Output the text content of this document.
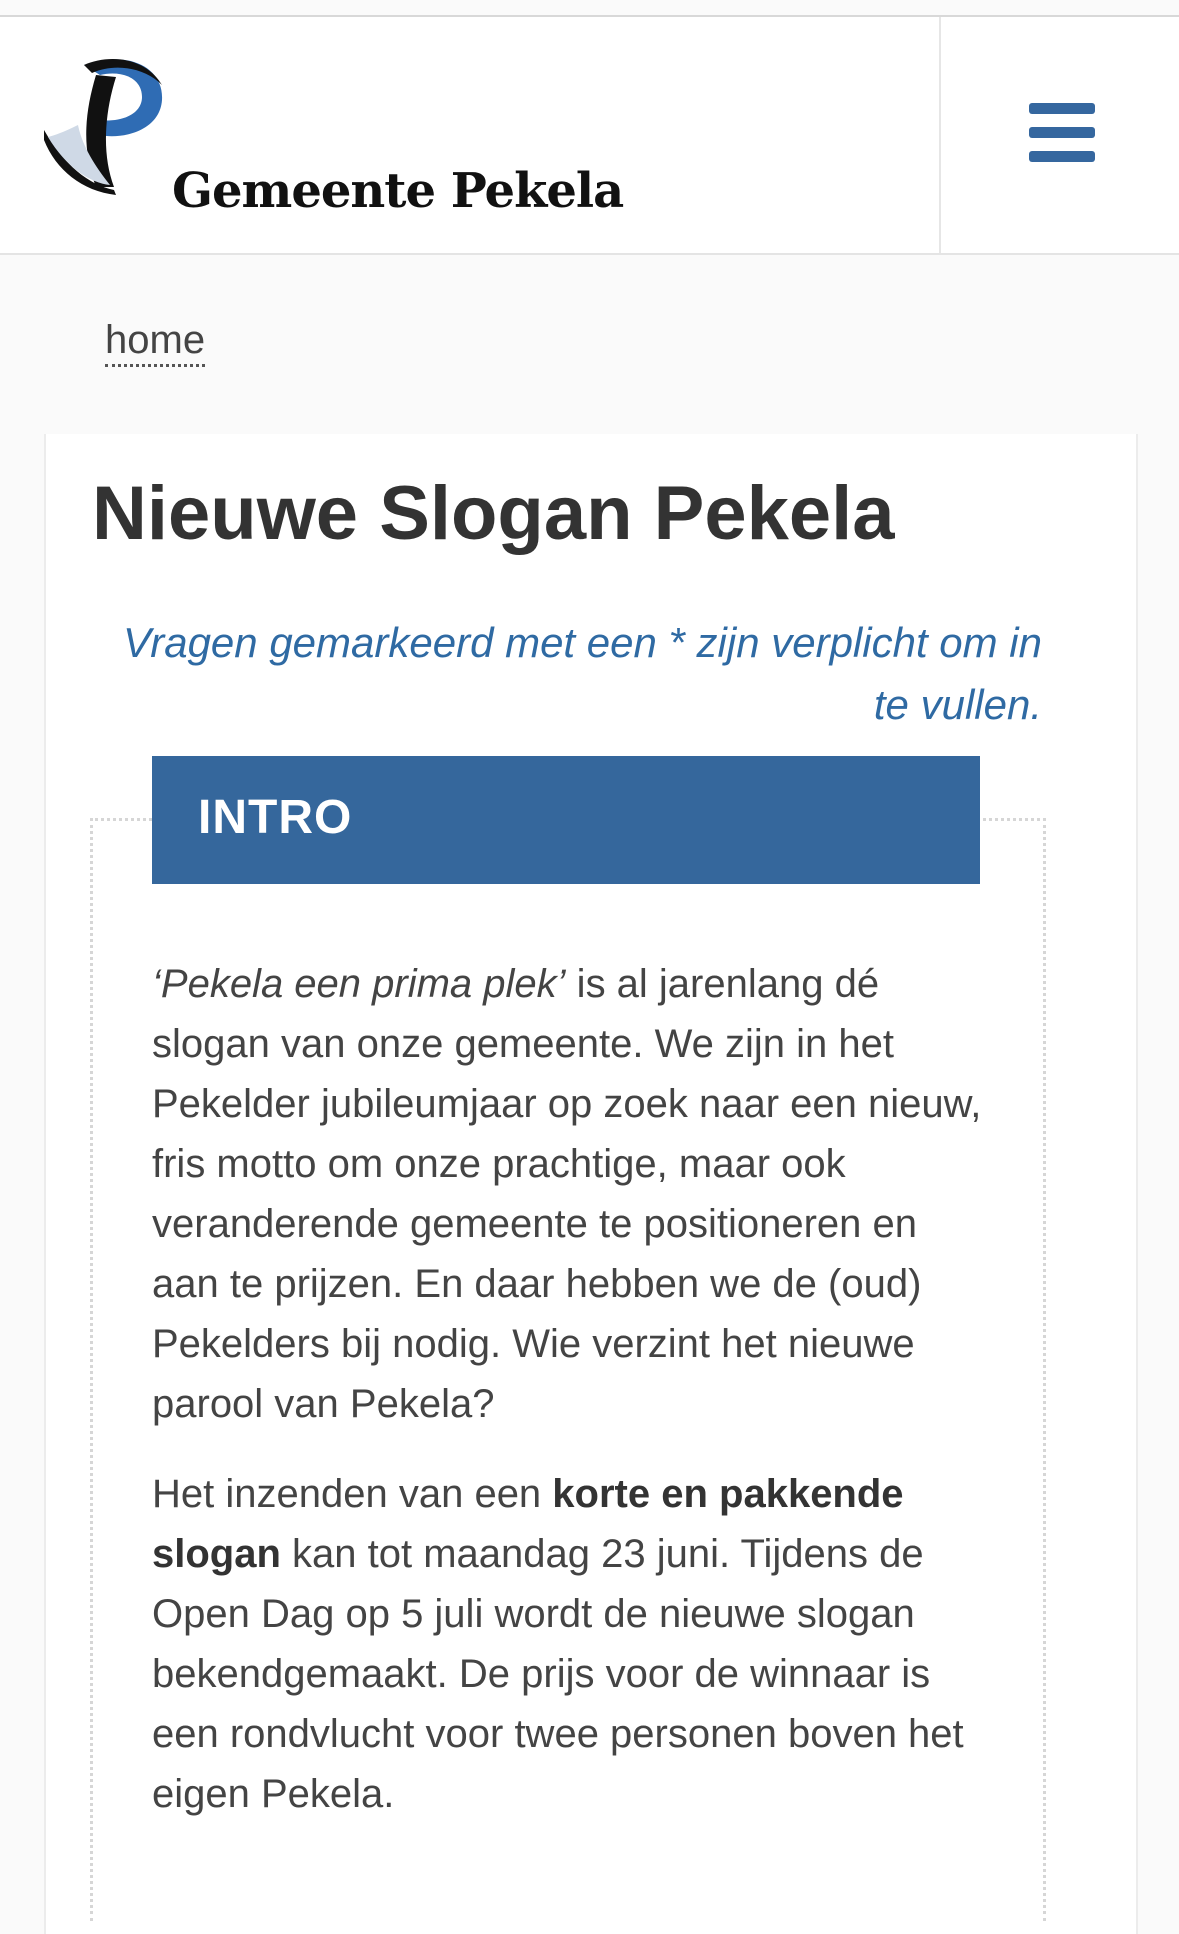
Gemeente Pekela
home
Nieuwe Slogan Pekela
Vragen gemarkeerd met een * zijn verplicht om in te vullen.
INTRO

‘Pekela een prima plek’ is al jarenlang dé slogan van onze gemeente. We zijn in het Pekelder jubileumjaar op zoek naar een nieuw, fris motto om onze prachtige, maar ook veranderende gemeente te positioneren en aan te prijzen. En daar hebben we de (oud) Pekelders bij nodig. Wie verzint het nieuwe parool van Pekela?

Het inzenden van een korte en pakkende slogan kan tot maandag 23 juni. Tijdens de Open Dag op 5 juli wordt de nieuwe slogan bekendgemaakt. De prijs voor de winnaar is een rondvlucht voor twee personen boven het eigen Pekela.
